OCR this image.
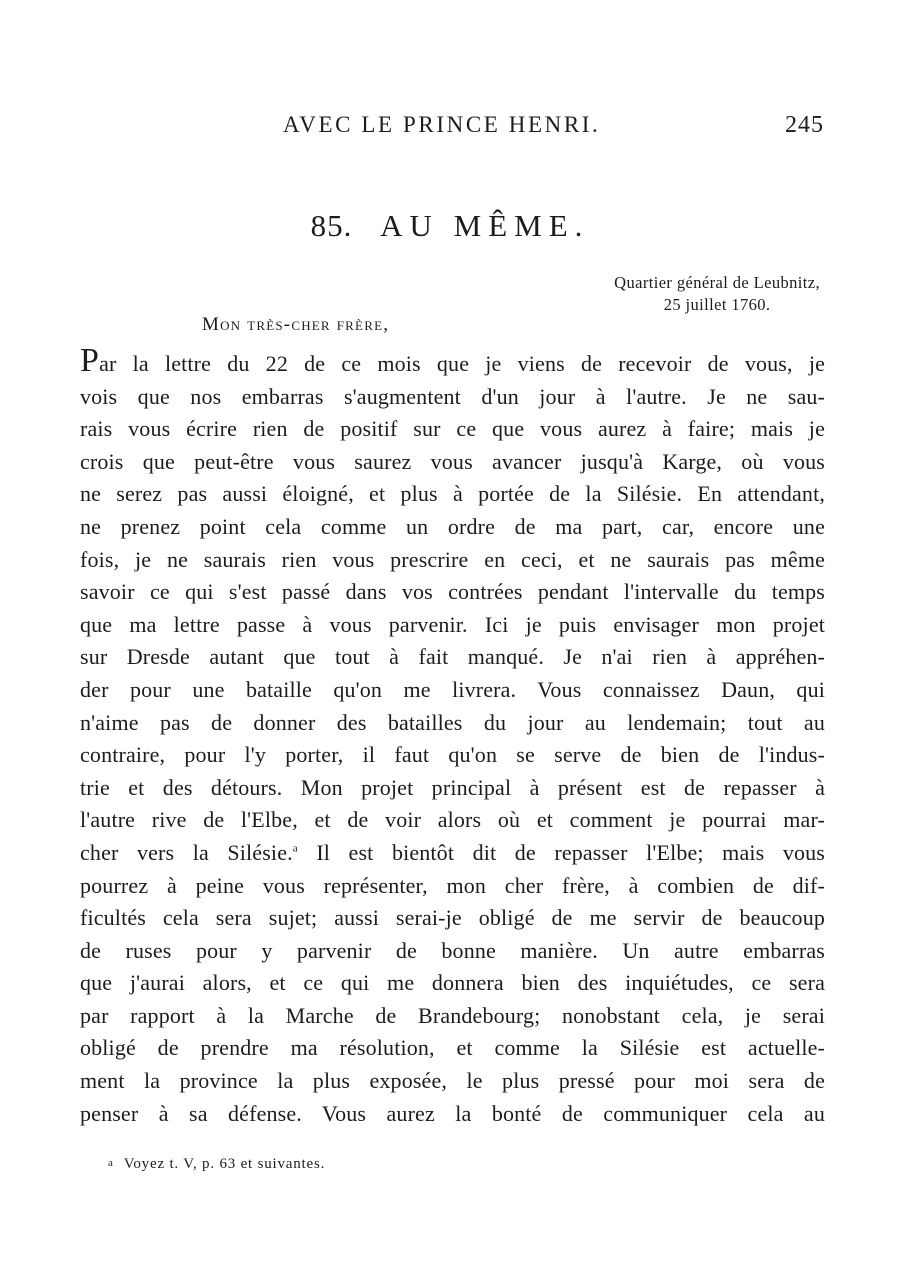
AVEC LE PRINCE HENRI.	245
85. AU MÊME.
Quartier général de Leubnitz,
25 juillet 1760.
Mon très-cher frère,
Par la lettre du 22 de ce mois que je viens de recevoir de vous, je
vois que nos embarras s'augmentent d'un jour à l'autre. Je ne sau-
rais vous écrire rien de positif sur ce que vous aurez à faire; mais je
crois que peut-être vous saurez vous avancer jusqu'à Karge, où vous
ne serez pas aussi éloigné, et plus à portée de la Silésie. En attendant,
ne prenez point cela comme un ordre de ma part, car, encore une
fois, je ne saurais rien vous prescrire en ceci, et ne saurais pas même
savoir ce qui s'est passé dans vos contrées pendant l'intervalle du temps
que ma lettre passe à vous parvenir. Ici je puis envisager mon projet
sur Dresde autant que tout à fait manqué. Je n'ai rien à appréhen-
der pour une bataille qu'on me livrera. Vous connaissez Daun, qui
n'aime pas de donner des batailles du jour au lendemain; tout au
contraire, pour l'y porter, il faut qu'on se serve de bien de l'indus-
trie et des détours. Mon projet principal à présent est de repasser à
l'autre rive de l'Elbe, et de voir alors où et comment je pourrai mar-
cher vers la Silésie.$^a$ Il est bientôt dit de repasser l'Elbe; mais vous
pourrez à peine vous représenter, mon cher frère, à combien de dif-
ficultés cela sera sujet; aussi serai-je obligé de me servir de beaucoup
de ruses pour y parvenir de bonne manière. Un autre embarras
que j'aurai alors, et ce qui me donnera bien des inquiétudes, ce sera
par rapport à la Marche de Brandebourg; nonobstant cela, je serai
obligé de prendre ma résolution, et comme la Silésie est actuelle-
ment la province la plus exposée, le plus pressé pour moi sera de
penser à sa défense. Vous aurez la bonté de communiquer cela au
a Voyez t. V, p. 63 et suivantes.
